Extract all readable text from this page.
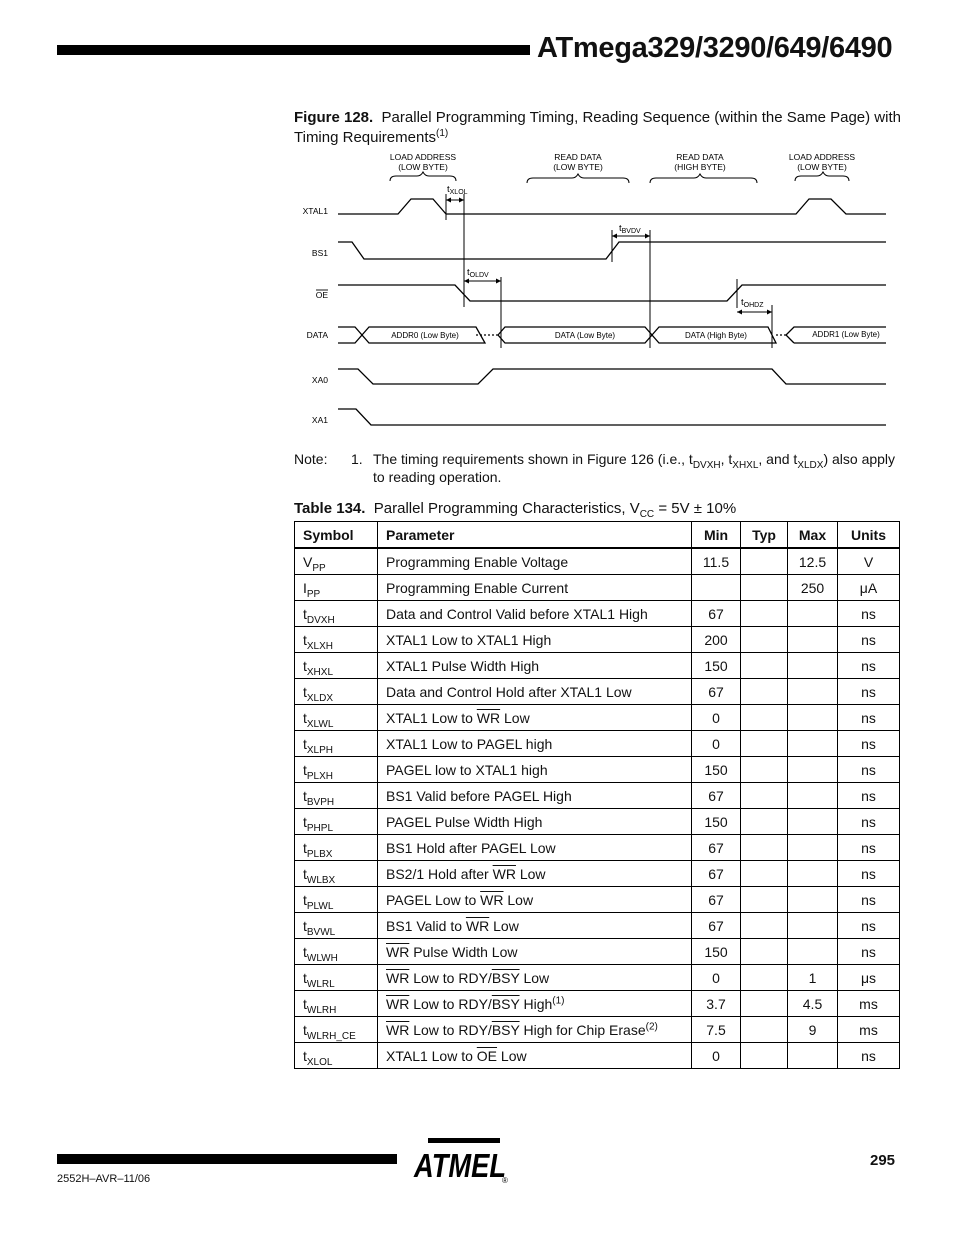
ATmega329/3290/649/6490
Figure 128. Parallel Programming Timing, Reading Sequence (within the Same Page) with Timing Requirements$^{(1)}$
LOAD ADDRESS
(LOW BYTE)
READ DATA
(LOW BYTE)
READ DATA
(HIGH BYTE)
LOAD ADDRESS
(LOW BYTE)
XTAL1
BS1
OE
DATA
XA0
XA1
ADDR0 (Low Byte)	DATA (Low Byte)	DATA (High Byte)	ADDR1 (Low Byte)
$t_{XLOL}$
$t_{BVDV}$
$t_{OLDV}$
$t_{OHDZ}$
Note: 1. The timing requirements shown in Figure 126 (i.e., $t_{DVXH}$, $t_{XHXL}$, and $t_{XLDX}$) also apply to reading operation.
Table 134. Parallel Programming Characteristics, $V_{CC} = 5V \pm 10\%$
Symbol	Parameter	Min	Typ	Max	Units
$V_{PP}$	Programming Enable Voltage	11.5		12.5	V
$I_{PP}$	Programming Enable Current			250	μA
$t_{DVXH}$	Data and Control Valid before XTAL1 High	67			ns
$t_{XLXH}$	XTAL1 Low to XTAL1 High	200			ns
$t_{XHXL}$	XTAL1 Pulse Width High	150			ns
$t_{XLDX}$	Data and Control Hold after XTAL1 Low	67			ns
$t_{XLWL}$	XTAL1 Low to $\overline{WR}$ Low	0			ns
$t_{XLPH}$	XTAL1 Low to PAGEL high	0			ns
$t_{PLXH}$	PAGEL low to XTAL1 high	150			ns
$t_{BVPH}$	BS1 Valid before PAGEL High	67			ns
$t_{PHPL}$	PAGEL Pulse Width High	150			ns
$t_{PLBX}$	BS1 Hold after PAGEL Low	67			ns
$t_{WLBX}$	BS2/1 Hold after $\overline{WR}$ Low	67			ns
$t_{PLWL}$	PAGEL Low to $\overline{WR}$ Low	67			ns
$t_{BVWL}$	BS1 Valid to $\overline{WR}$ Low	67			ns
$t_{WLWH}$	$\overline{WR}$ Pulse Width Low	150			ns
$t_{WLRL}$	$\overline{WR}$ Low to RDY/$\overline{BSY}$ Low	0		1	μs
$t_{WLRH}$	$\overline{WR}$ Low to RDY/$\overline{BSY}$ High$^{(1)}$	3.7		4.5	ms
$t_{WLRH\_CE}$	$\overline{WR}$ Low to RDY/$\overline{BSY}$ High for Chip Erase$^{(2)}$	7.5		9	ms
$t_{XLOL}$	XTAL1 Low to $\overline{OE}$ Low	0			ns
2552H–AVR–11/06
295
ATMEL
®
